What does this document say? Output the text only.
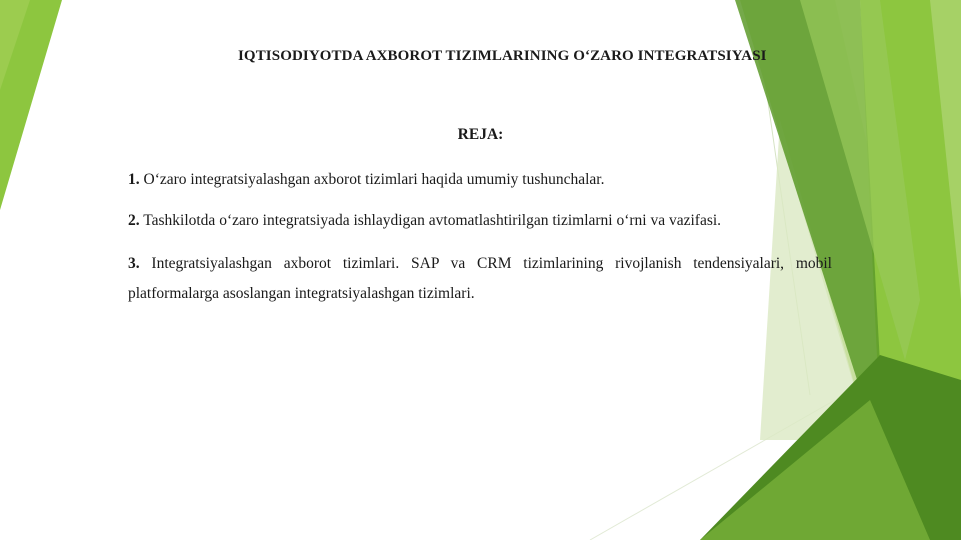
IQTISODIYOTDA AXBOROT TIZIMLARINING O‘ZARO INTEGRATSIYASI
REJA:
1. O‘zaro integratsiyalashgan axborot tizimlari haqida umumiy tushunchalar.
2. Tashkilotda o‘zaro integratsiyada ishlaydigan avtomatlashtirilgan tizimlarni o‘rni va vazifasi.
3. Integratsiyalashgan axborot tizimlari. SAP va CRM tizimlarining rivojlanish tendensiyalari, mobil platformalarga asoslangan integratsiyalashgan tizimlari.
